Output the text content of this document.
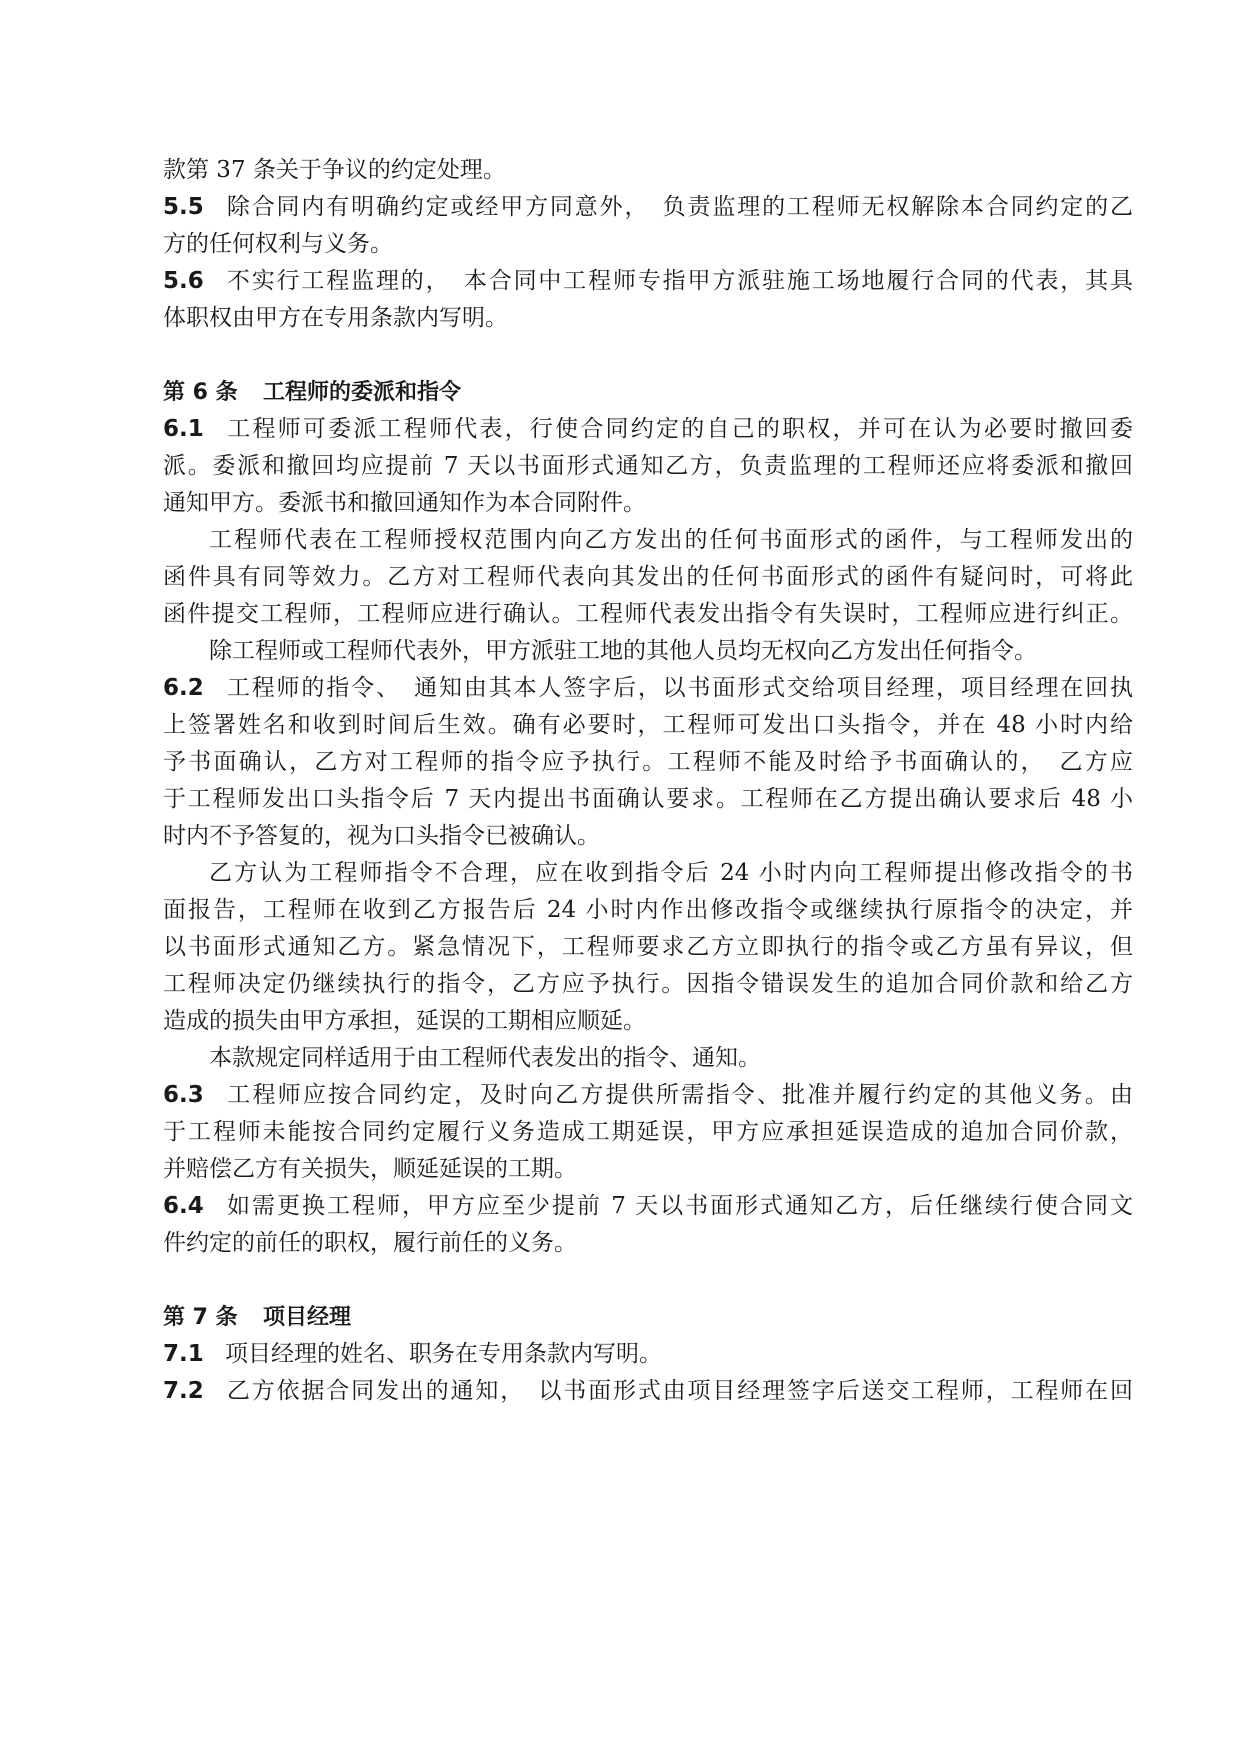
款第 37 条关于争议的约定处理。
5.5 除合同内有明确约定或经甲方同意外，　负责监理的工程师无权解除本合同约定的乙
方的任何权利与义务。
5.6 不实行工程监理的，　本合同中工程师专指甲方派驻施工场地履行合同的代表，其具
体职权由甲方在专用条款内写明。
第 6 条 工程师的委派和指令
6.1 工程师可委派工程师代表，行使合同约定的自己的职权，并可在认为必要时撤回委
派。委派和撤回均应提前 7 天以书面形式通知乙方，负责监理的工程师还应将委派和撤回
通知甲方。委派书和撤回通知作为本合同附件。
工程师代表在工程师授权范围内向乙方发出的任何书面形式的函件，与工程师发出的
函件具有同等效力。乙方对工程师代表向其发出的任何书面形式的函件有疑问时，可将此
函件提交工程师，工程师应进行确认。工程师代表发出指令有失误时，工程师应进行纠正。
除工程师或工程师代表外，甲方派驻工地的其他人员均无权向乙方发出任何指令。
6.2 工程师的指令、　通知由其本人签字后，以书面形式交给项目经理，项目经理在回执
上签署姓名和收到时间后生效。确有必要时，工程师可发出口头指令，并在 48 小时内给
予书面确认，乙方对工程师的指令应予执行。工程师不能及时给予书面确认的，　乙方应
于工程师发出口头指令后 7 天内提出书面确认要求。工程师在乙方提出确认要求后 48 小
时内不予答复的，视为口头指令已被确认。
乙方认为工程师指令不合理，应在收到指令后 24 小时内向工程师提出修改指令的书
面报告，工程师在收到乙方报告后 24 小时内作出修改指令或继续执行原指令的决定，并
以书面形式通知乙方。紧急情况下，工程师要求乙方立即执行的指令或乙方虽有异议，但
工程师决定仍继续执行的指令，乙方应予执行。因指令错误发生的追加合同价款和给乙方
造成的损失由甲方承担，延误的工期相应顺延。
本款规定同样适用于由工程师代表发出的指令、通知。
6.3 工程师应按合同约定，及时向乙方提供所需指令、批准并履行约定的其他义务。由
于工程师未能按合同约定履行义务造成工期延误，甲方应承担延误造成的追加合同价款，
并赔偿乙方有关损失，顺延延误的工期。
6.4 如需更换工程师，甲方应至少提前 7 天以书面形式通知乙方，后任继续行使合同文
件约定的前任的职权，履行前任的义务。
第 7 条 项目经理
7.1 项目经理的姓名、职务在专用条款内写明。
7.2 乙方依据合同发出的通知，　以书面形式由项目经理签字后送交工程师，工程师在回
